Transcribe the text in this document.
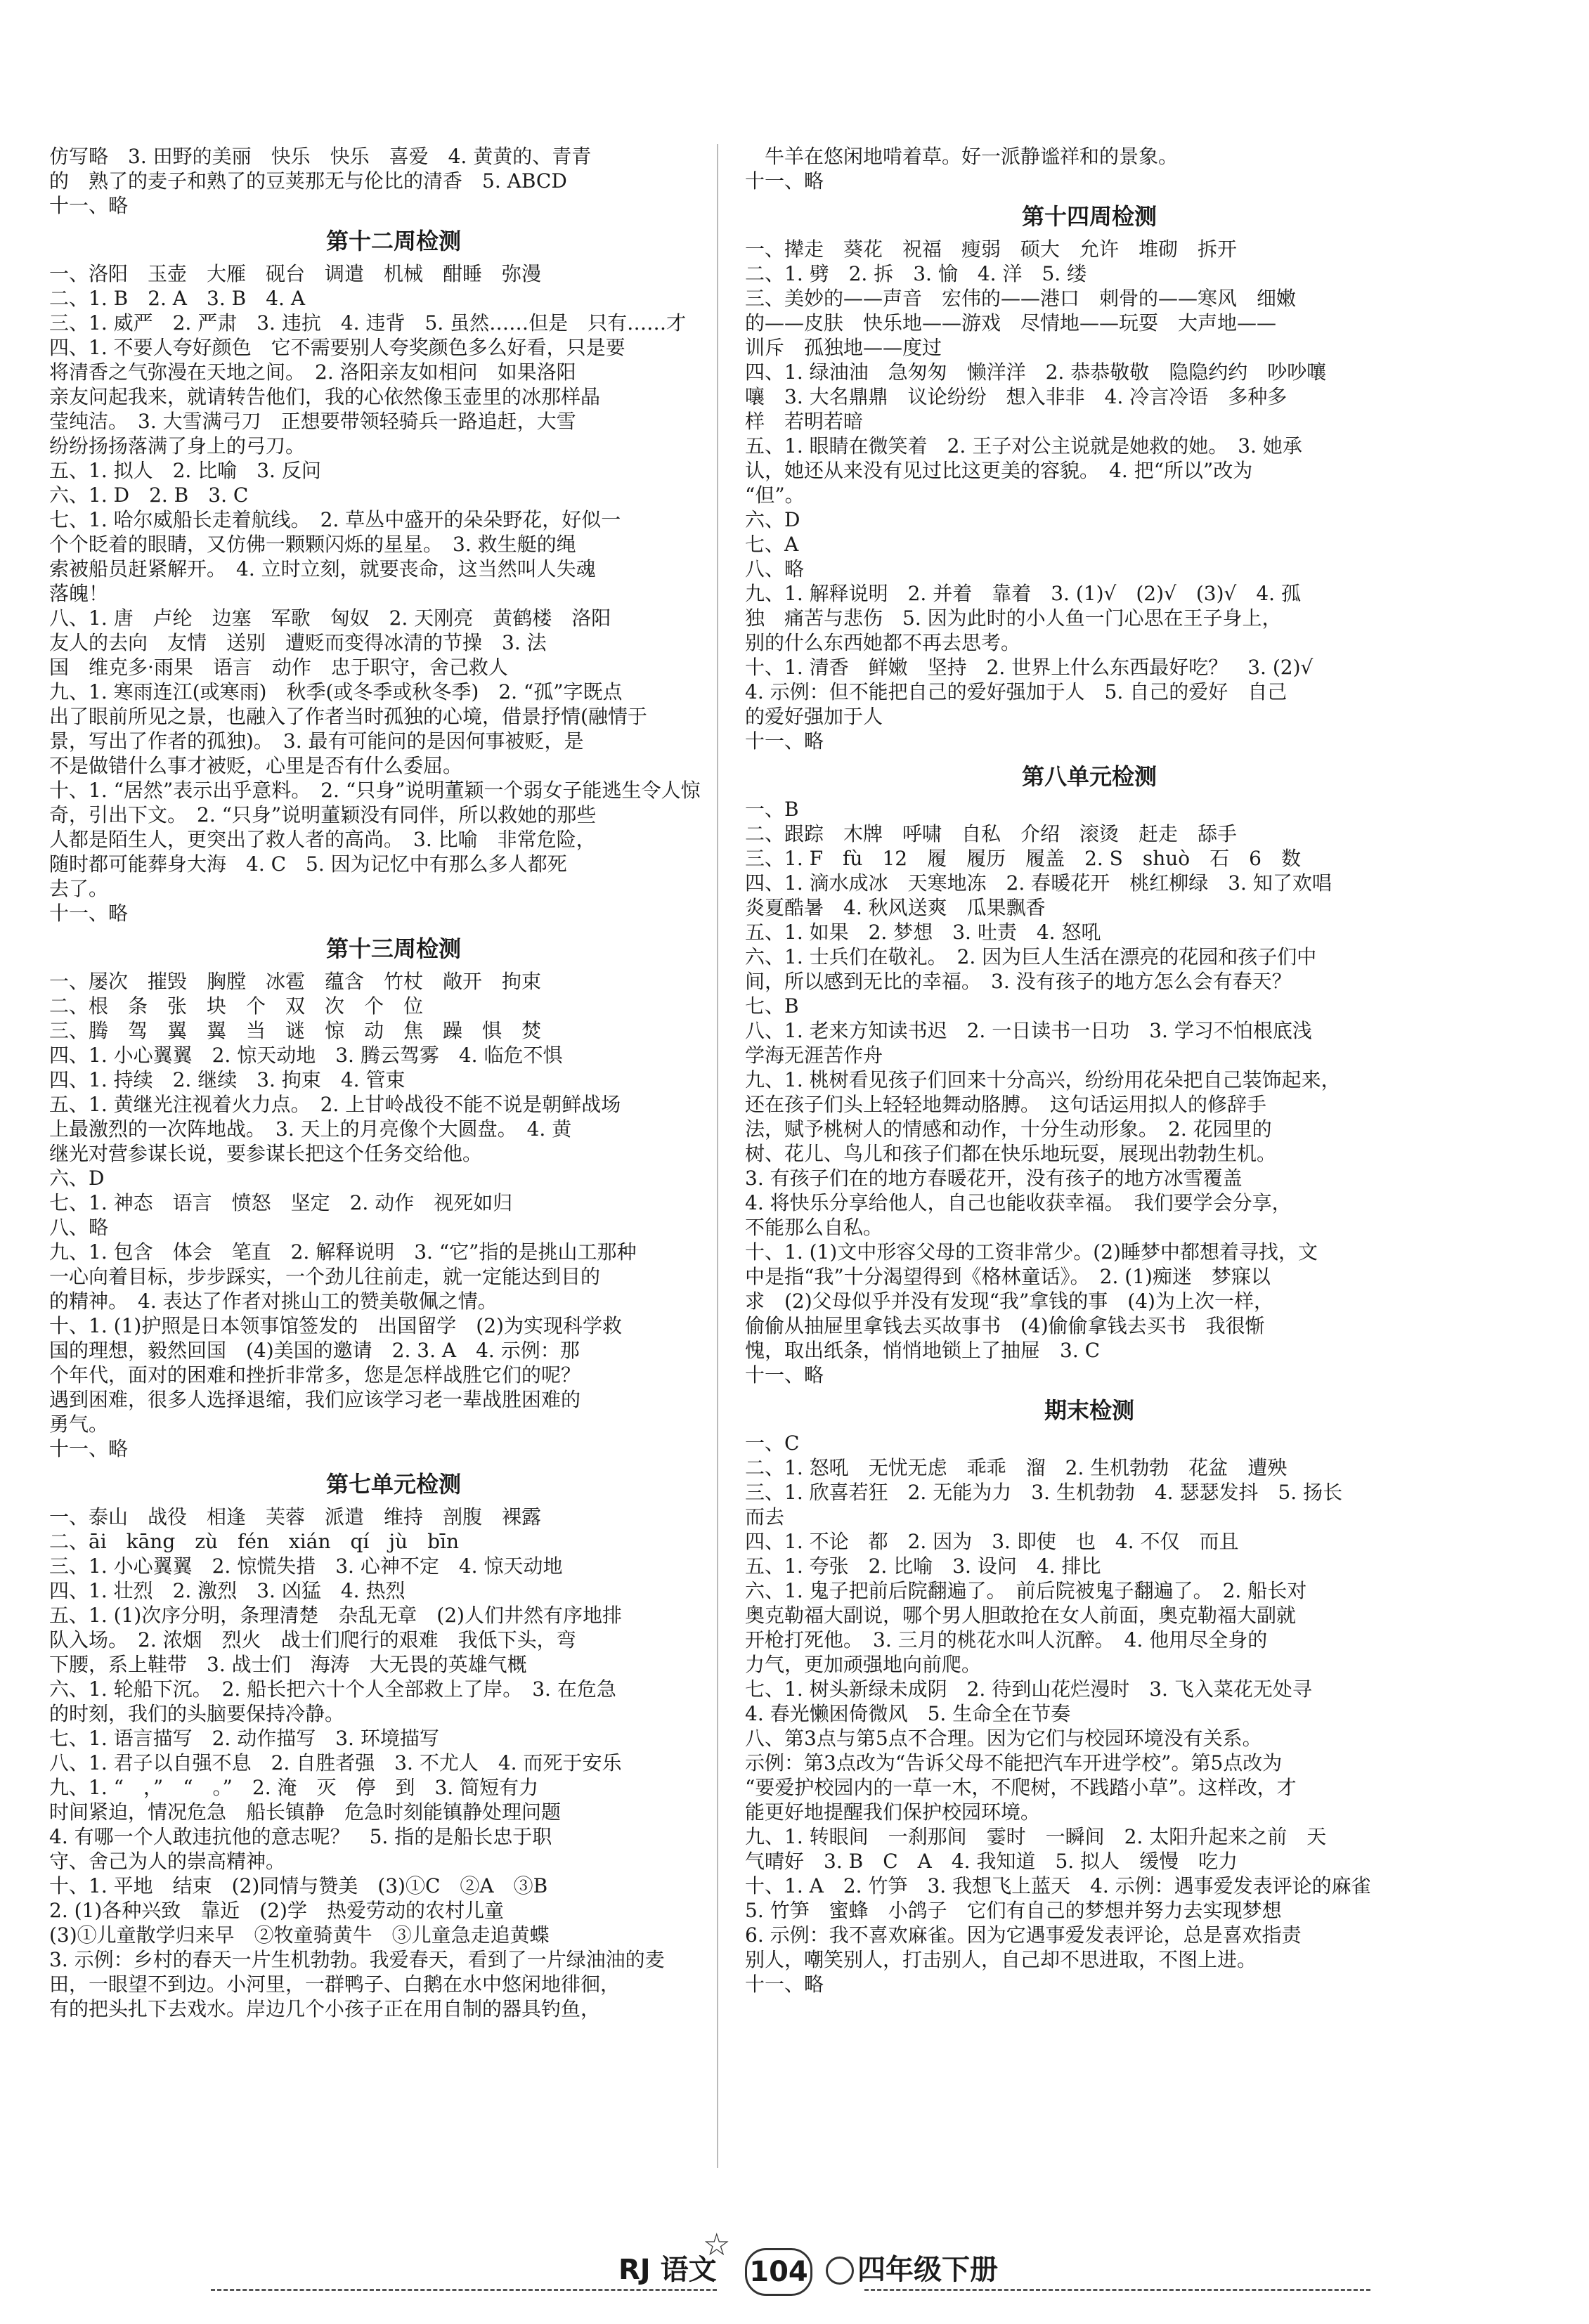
仿写略　3. 田野的美丽　快乐　快乐　喜爱　4. 黄黄的、青青
的　熟了的麦子和熟了的豆荚那无与伦比的清香　5. ABCD
十一、略
第十二周检测
一、洛阳　玉壶　大雁　砚台　调遣　机械　酣睡　弥漫
二、1. B　2. A　3. B　4. A
三、1. 威严　2. 严肃　3. 违抗　4. 违背　5. 虽然……但是　只有……才
四、1. 不要人夸好颜色　它不需要别人夸奖颜色多么好看，只是要
将清香之气弥漫在天地之间。　2. 洛阳亲友如相问　如果洛阳
亲友问起我来，就请转告他们，我的心依然像玉壶里的冰那样晶
莹纯洁。　3. 大雪满弓刀　正想要带领轻骑兵一路追赶，大雪
纷纷扬扬落满了身上的弓刀。
五、1. 拟人　2. 比喻　3. 反问
六、1. D　2. B　3. C
七、1. 哈尔威船长走着航线。　2. 草丛中盛开的朵朵野花，好似一
个个眨着的眼睛，又仿佛一颗颗闪烁的星星。　3. 救生艇的绳
索被船员赶紧解开。　4. 立时立刻，就要丧命，这当然叫人失魂
落魄！
八、1. 唐　卢纶　边塞　军歌　匈奴　2. 天刚亮　黄鹤楼　洛阳
友人的去向　友情　送别　遭贬而变得冰清的节操　3. 法
国　维克多·雨果　语言　动作　忠于职守，舍己救人
九、1. 寒雨连江(或寒雨)　秋季(或冬季或秋冬季)　2. “孤”字既点
出了眼前所见之景，也融入了作者当时孤独的心境，借景抒情(融情于
景，写出了作者的孤独)。　3. 最有可能问的是因何事被贬，是
不是做错什么事才被贬，心里是否有什么委屈。
十、1. “居然”表示出乎意料。　2. “只身”说明董颖一个弱女子能逃生令人惊
奇，引出下文。　2. “只身”说明董颖没有同伴，所以救她的那些
人都是陌生人，更突出了救人者的高尚。　3. 比喻　非常危险，
随时都可能葬身大海　4. C　5. 因为记忆中有那么多人都死
去了。
十一、略
第十三周检测
一、屡次　摧毁　胸膛　冰雹　蕴含　竹杖　敞开　拘束
二、根　条　张　块　个　双　次　个　位
三、腾　驾　翼　翼　当　谜　惊　动　焦　躁　惧　焚
四、1. 小心翼翼　2. 惊天动地　3. 腾云驾雾　4. 临危不惧
四、1. 持续　2. 继续　3. 拘束　4. 管束
五、1. 黄继光注视着火力点。　2. 上甘岭战役不能不说是朝鲜战场
上最激烈的一次阵地战。　3. 天上的月亮像个大圆盘。　4. 黄
继光对营参谋长说，要参谋长把这个任务交给他。
六、D
七、1. 神态　语言　愤怒　坚定　2. 动作　视死如归
八、略
九、1. 包含　体会　笔直　2. 解释说明　3. “它”指的是挑山工那种
一心向着目标，步步踩实，一个劲儿往前走，就一定能达到目的
的精神。　4. 表达了作者对挑山工的赞美敬佩之情。
十、1. (1)护照是日本领事馆签发的　出国留学　(2)为实现科学救
国的理想，毅然回国　(4)美国的邀请　2. 3. A　4. 示例：那
个年代，面对的困难和挫折非常多，您是怎样战胜它们的呢？
遇到困难，很多人选择退缩，我们应该学习老一辈战胜困难的
勇气。
十一、略
第七单元检测
一、泰山　战役　相逢　芙蓉　派遣　维持　剖腹　裸露
二、āi　kāng　zù　fén　xián　qí　jù　bīn
三、1. 小心翼翼　2. 惊慌失措　3. 心神不定　4. 惊天动地
四、1. 壮烈　2. 激烈　3. 凶猛　4. 热烈
五、1. (1)次序分明，条理清楚　杂乱无章　(2)人们井然有序地排
队入场。　2. 浓烟　烈火　战士们爬行的艰难　我低下头，弯
下腰，系上鞋带　3. 战士们　海涛　大无畏的英雄气概
六、1. 轮船下沉。　2. 船长把六十个人全部救上了岸。　3. 在危急
的时刻，我们的头脑要保持冷静。
七、1. 语言描写　2. 动作描写　3. 环境描写
八、1. 君子以自强不息　2. 自胜者强　3. 不尤人　4. 而死于安乐
九、1. “　，”　“　。”　2. 淹　灭　停　到　3. 简短有力
时间紧迫，情况危急　船长镇静　危急时刻能镇静处理问题
4. 有哪一个人敢违抗他的意志呢？　5. 指的是船长忠于职
守、舍己为人的崇高精神。
十、1. 平地　结束　(2)同情与赞美　(3)①C　②A　③B
2. (1)各种兴致　靠近　(2)学　热爱劳动的农村儿童
(3)①儿童散学归来早　②牧童骑黄牛　③儿童急走追黄蝶
3. 示例：乡村的春天一片生机勃勃。我爱春天，看到了一片绿油油的麦
田，一眼望不到边。小河里，一群鸭子、白鹅在水中悠闲地徘徊，
有的把头扎下去戏水。岸边几个小孩子正在用自制的器具钓鱼，
　牛羊在悠闲地啃着草。好一派静谧祥和的景象。
十一、略
第十四周检测
一、撵走　葵花　祝福　瘦弱　硕大　允许　堆砌　拆开
二、1. 劈　2. 拆　3. 愉　4. 洋　5. 缕
三、美妙的——声音　宏伟的——港口　刺骨的——寒风　细嫩
的——皮肤　快乐地——游戏　尽情地——玩耍　大声地——
训斥　孤独地——度过
四、1. 绿油油　急匆匆　懒洋洋　2. 恭恭敬敬　隐隐约约　吵吵嚷
嚷　3. 大名鼎鼎　议论纷纷　想入非非　4. 冷言冷语　多种多
样　若明若暗
五、1. 眼睛在微笑着　2. 王子对公主说就是她救的她。　3. 她承
认，她还从来没有见过比这更美的容貌。　4. 把“所以”改为
“但”。
六、D
七、A
八、略
九、1. 解释说明　2. 并着　靠着　3. (1)√　(2)√　(3)√　4. 孤
独　痛苦与悲伤　5. 因为此时的小人鱼一门心思在王子身上，
别的什么东西她都不再去思考。
十、1. 清香　鲜嫩　坚持　2. 世界上什么东西最好吃？　3. (2)√
4. 示例：但不能把自己的爱好强加于人　5. 自己的爱好　自己
的爱好强加于人
十一、略
第八单元检测
一、B
二、跟踪　木牌　呼啸　自私　介绍　滚烫　赶走　舔手
三、1. F　fù　12　履　履历　履盖　2. S　shuò　石　6　数
四、1. 滴水成冰　天寒地冻　2. 春暖花开　桃红柳绿　3. 知了欢唱
炎夏酷暑　4. 秋风送爽　瓜果飘香
五、1. 如果　2. 梦想　3. 吐责　4. 怒吼
六、1. 士兵们在敬礼。　2. 因为巨人生活在漂亮的花园和孩子们中
间，所以感到无比的幸福。　3. 没有孩子的地方怎么会有春天？
七、B
八、1. 老来方知读书迟　2. 一日读书一日功　3. 学习不怕根底浅
学海无涯苦作舟
九、1. 桃树看见孩子们回来十分高兴，纷纷用花朵把自己装饰起来，
还在孩子们头上轻轻地舞动胳膊。　这句话运用拟人的修辞手
法，赋予桃树人的情感和动作，十分生动形象。　2. 花园里的
树、花儿、鸟儿和孩子们都在快乐地玩耍，展现出勃勃生机。
3. 有孩子们在的地方春暖花开，没有孩子的地方冰雪覆盖
4. 将快乐分享给他人，自己也能收获幸福。　我们要学会分享，
不能那么自私。
十、1. (1)文中形容父母的工资非常少。(2)睡梦中都想着寻找，文
中是指“我”十分渴望得到《格林童话》。　2. (1)痴迷　梦寐以
求　(2)父母似乎并没有发现“我”拿钱的事　(4)为上次一样，
偷偷从抽屉里拿钱去买故事书　(4)偷偷拿钱去买书　我很惭
愧，取出纸条，悄悄地锁上了抽屉　3. C
十一、略
期末检测
一、C
二、1. 怒吼　无忧无虑　乖乖　溜　2. 生机勃勃　花盆　遭殃
三、1. 欣喜若狂　2. 无能为力　3. 生机勃勃　4. 瑟瑟发抖　5. 扬长
而去
四、1. 不论　都　2. 因为　3. 即使　也　4. 不仅　而且
五、1. 夸张　2. 比喻　3. 设问　4. 排比
六、1. 鬼子把前后院翻遍了。　前后院被鬼子翻遍了。　2. 船长对
奥克勒福大副说，哪个男人胆敢抢在女人前面，奥克勒福大副就
开枪打死他。　3. 三月的桃花水叫人沉醉。　4. 他用尽全身的
力气，更加顽强地向前爬。
七、1. 树头新绿未成阴　2. 待到山花烂漫时　3. 飞入菜花无处寻
4. 春光懒困倚微风　5. 生命全在节奏
八、第3点与第5点不合理。因为它们与校园环境没有关系。
示例：第3点改为“告诉父母不能把汽车开进学校”。第5点改为
“要爱护校园内的一草一木，不爬树，不践踏小草”。这样改，才
能更好地提醒我们保护校园环境。
九、1. 转眼间　一刹那间　霎时　一瞬间　2. 太阳升起来之前　天
气晴好　3. B　C　A　4. 我知道　5. 拟人　缓慢　吃力
十、1. A　2. 竹笋　3. 我想飞上蓝天　4. 示例：遇事爱发表评论的麻雀
5. 竹笋　蜜蜂　小鸽子　它们有自己的梦想并努力去实现梦想
6. 示例：我不喜欢麻雀。因为它遇事爱发表评论，总是喜欢指责
别人，嘲笑别人，打击别人，自己却不思进取，不图上进。
十一、略
☆
RJ 语文 104 四年级下册
